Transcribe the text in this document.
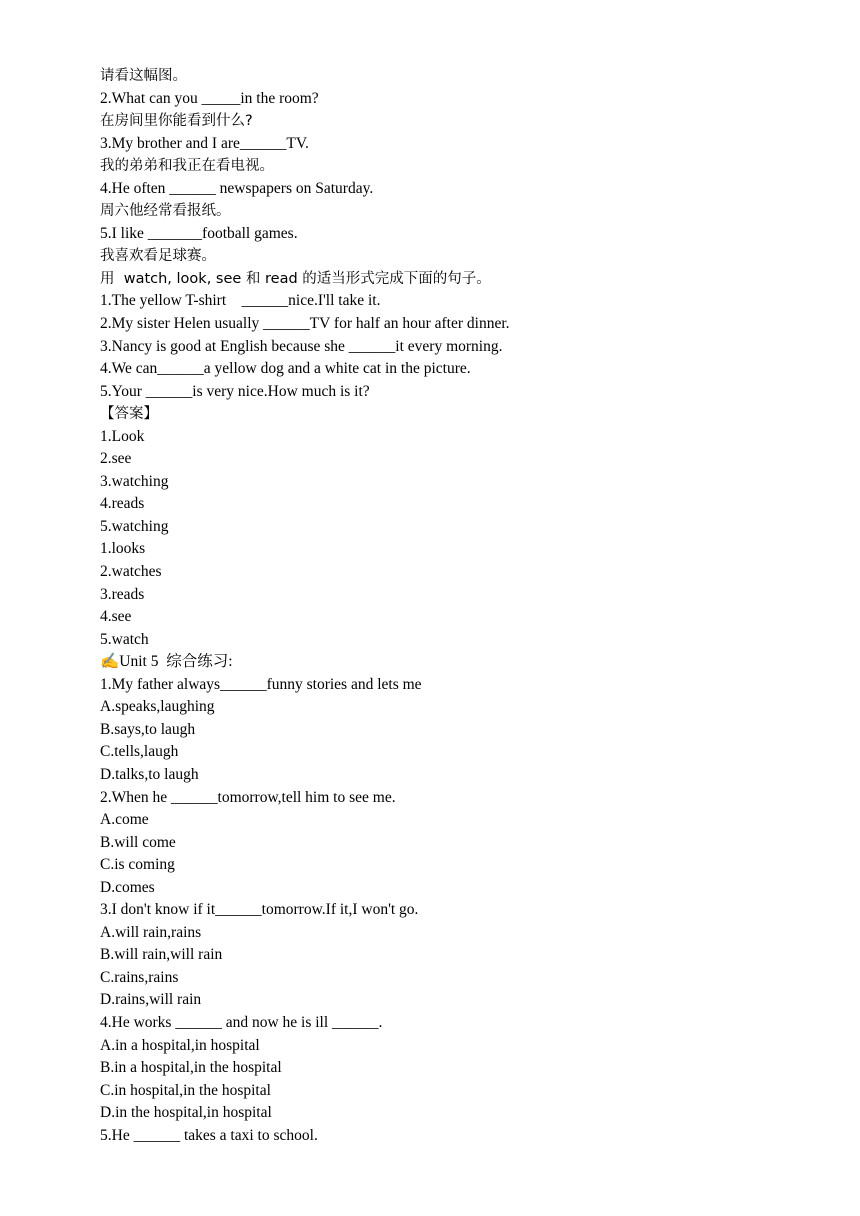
请看这幅图。
2.What can you _____in the room?
在房间里你能看到什么?
3.My brother and I are______TV.
我的弟弟和我正在看电视。
4.He often ______ newspapers on Saturday.
周六他经常看报纸。
5.I like _______football games.
我喜欢看足球赛。
用  watch, look, see 和 read 的适当形式完成下面的句子。
1.The yellow T-shirt    ______nice.I'll take it.
2.My sister Helen usually ______TV for half an hour after dinner.
3.Nancy is good at English because she ______it every morning.
4.We can______a yellow dog and a white cat in the picture.
5.Your ______is very nice.How much is it?
【答案】
1.Look
2.see
3.watching
4.reads
5.watching
1.looks
2.watches
3.reads
4.see
5.watch
✍Unit 5  综合练习:
1.My father always______funny stories and lets me
A.speaks,laughing
B.says,to laugh
C.tells,laugh
D.talks,to laugh
2.When he ______tomorrow,tell him to see me.
A.come
B.will come
C.is coming
D.comes
3.I don't know if it______tomorrow.If it,I won't go.
A.will rain,rains
B.will rain,will rain
C.rains,rains
D.rains,will rain
4.He works ______ and now he is ill ______.
A.in a hospital,in hospital
B.in a hospital,in the hospital
C.in hospital,in the hospital
D.in the hospital,in hospital
5.He ______ takes a taxi to school.
